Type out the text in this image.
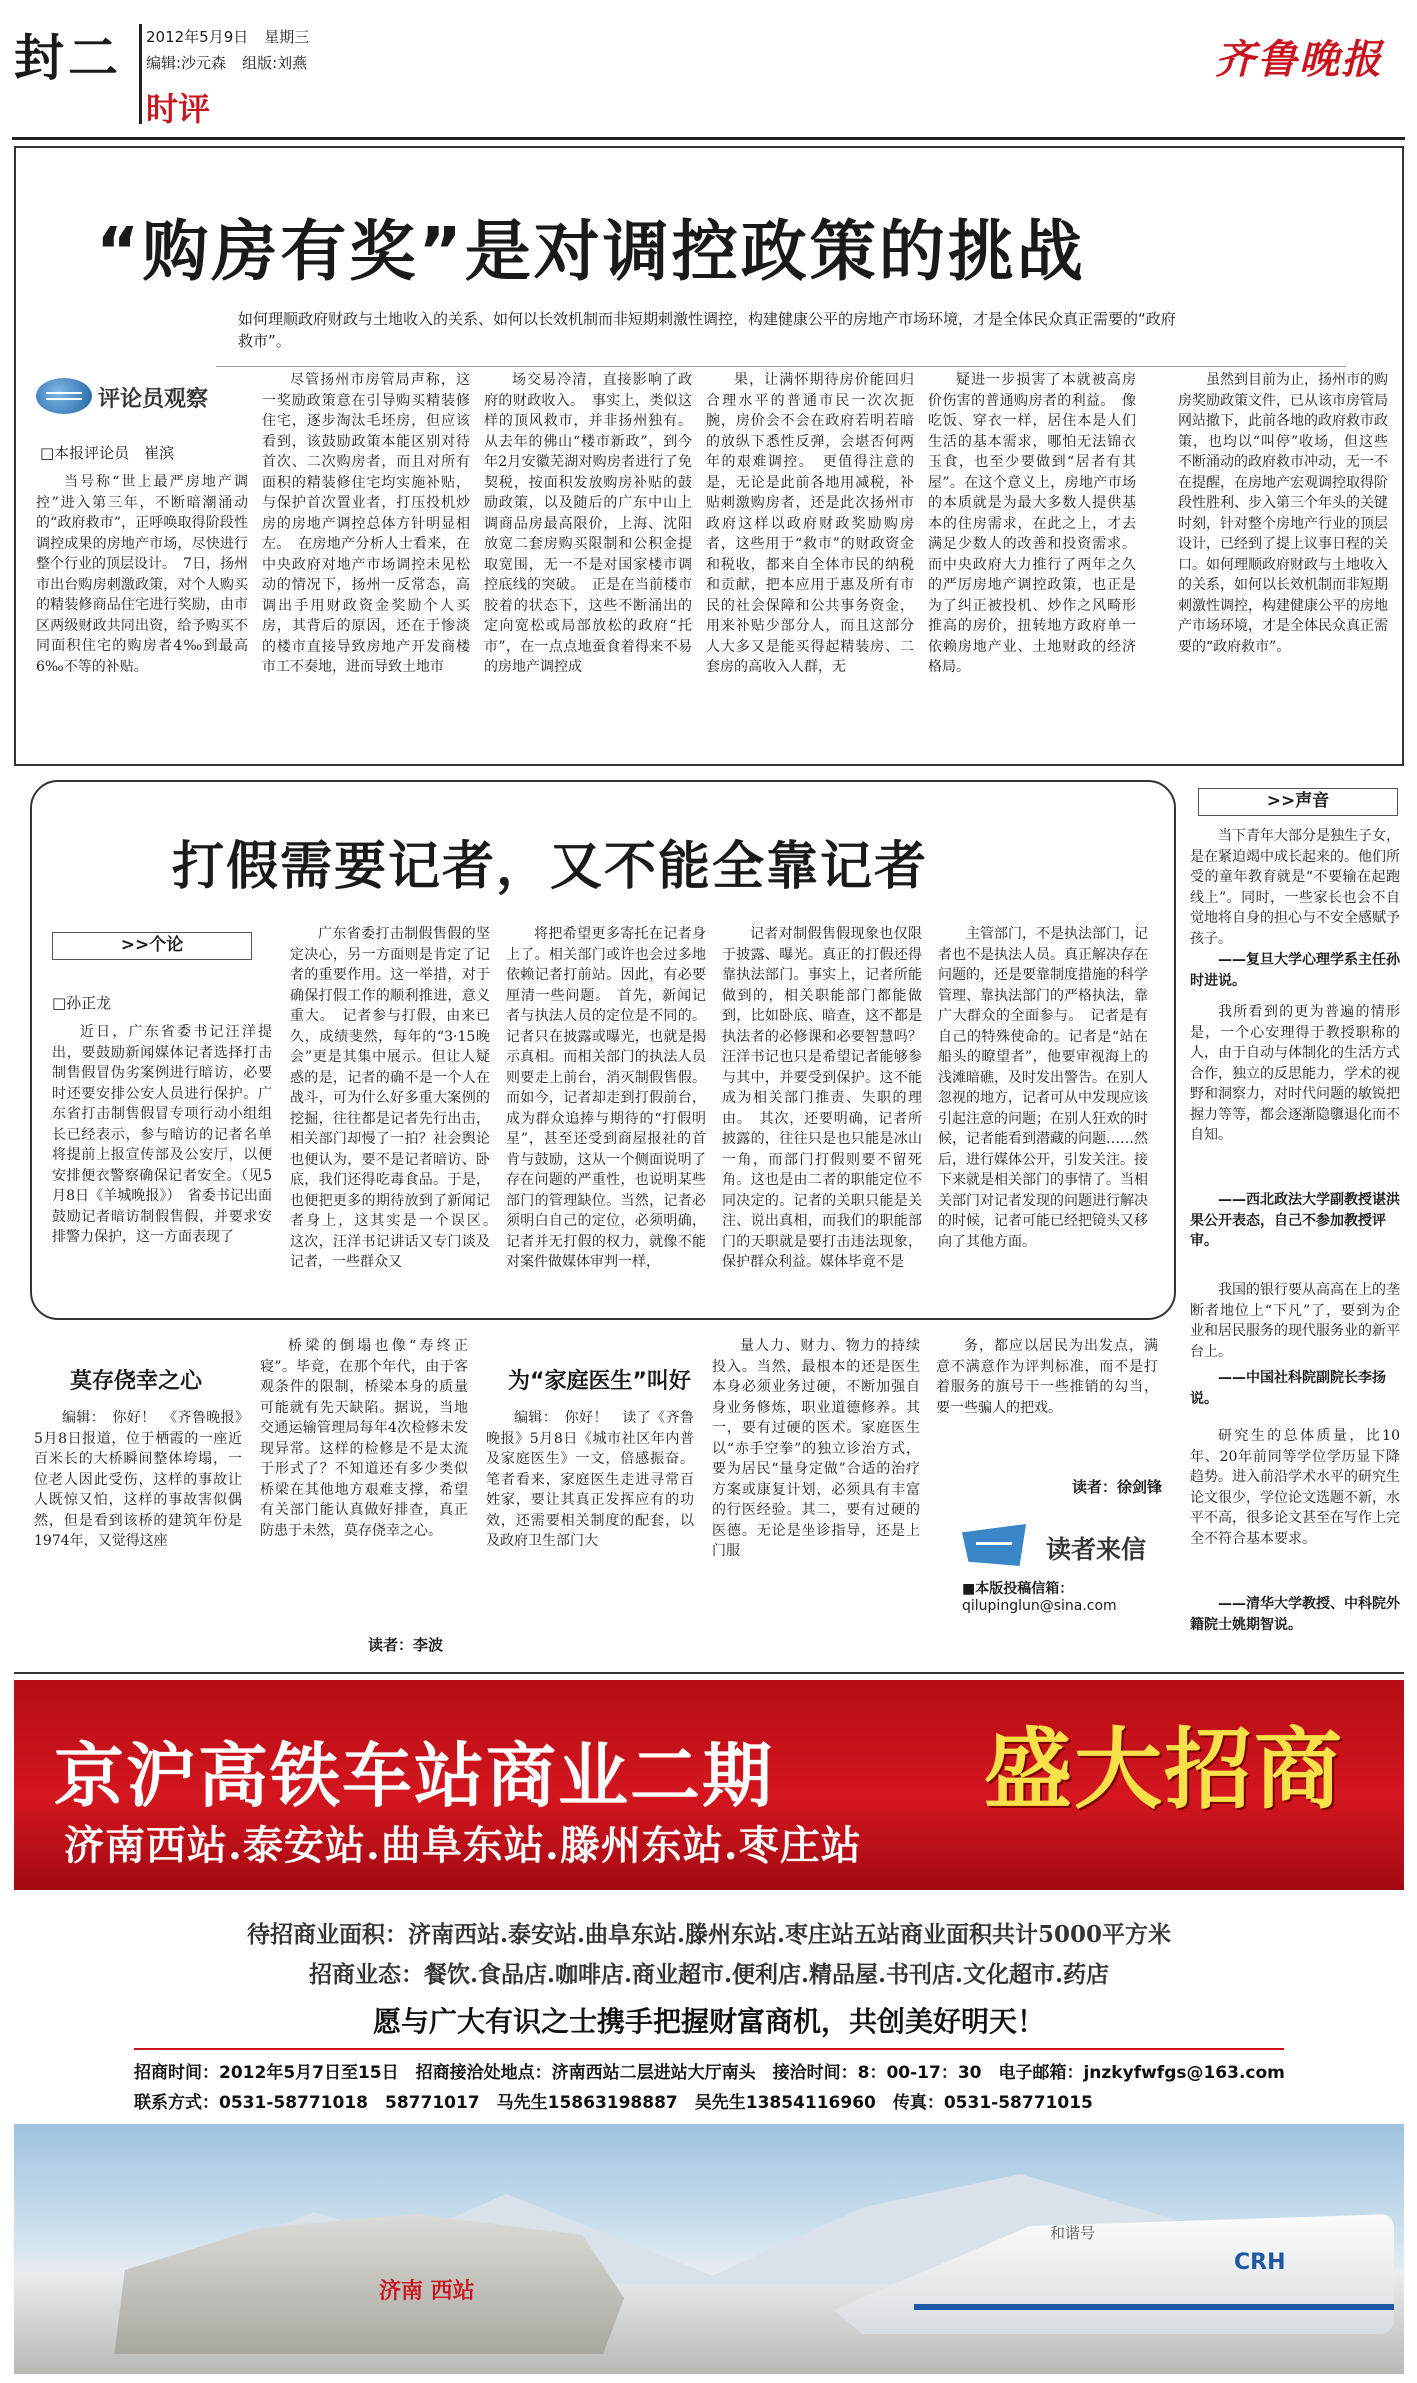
封二 2012年5月9日 星期三
编辑:沙元森 组版:刘燕
时评
齐鲁晚报
“购房有奖”是对调控政策的挑战
如何理顺政府财政与土地收入的关系、如何以长效机制而非短期刺激性调控，构建健康公平的房地产市场环境，才是全体民众真正需要的“政府救市”。
评论员观察
□本报评论员　崔滨
当号称“世上最严房地产调控”进入第三年，不断暗潮涌动的“政府救市”，正呼唤取得阶段性调控成果的房地产市场，尽快进行整个行业的顶层设计。　7日，扬州市出台购房刺激政策，对个人购买的精装修商品住宅进行奖励，由市区两级财政共同出资，给予购买不同面积住宅的购房者4‰到最高6‰不等的补贴。
尽管扬州市房管局声称，这一奖励政策意在引导购买精装修住宅，逐步淘汰毛坯房，但应该看到，该鼓励政策本能区别对待首次、二次购房者，而且对所有面积的精装修住宅均实施补贴，与保护首次置业者，打压投机炒房的房地产调控总体方针明显相左。　在房地产分析人士看来，在中央政府对地产市场调控未见松动的情况下，扬州一反常态，高调出手用财政资金奖励个人买房，其背后的原因，还在于惨淡的楼市直接导致房地产开发商楼市工不奏地，进而导致土地市
场交易冷清，直接影响了政府的财政收入。　事实上，类似这样的顶风救市，并非扬州独有。从去年的佛山“楼市新政”，到今年2月安徽芜湖对购房者进行了免契税，按面积发放购房补贴的鼓励政策，以及随后的广东中山上调商品房最高限价，上海、沈阳放宽二套房购买限制和公积金提取宽围，无一不是对国家楼市调控底线的突破。　正是在当前楼市胶着的状态下，这些不断涌出的定向宽松或局部放松的政府“托市”，在一点点地蚕食着得来不易的房地产调控成
果，让满怀期待房价能回归合理水平的普通市民一次次扼腕，房价会不会在政府若明若暗的放纵下悉性反弹，会堪否何两年的艰难调控。　更值得注意的是，无论是此前各地用减税，补贴刺激购房者，还是此次扬州市政府这样以政府财政奖励购房者，这些用于“救市”的财政资金和税收，都来自全体市民的纳税和贡献，把本应用于惠及所有市民的社会保障和公共事务资金，用来补贴少部分人，而且这部分人大多又是能买得起精装房、二套房的高收入人群，无
疑进一步损害了本就被高房价伤害的普通购房者的利益。　像吃饭、穿衣一样，居住本是人们生活的基本需求，哪怕无法锦衣玉食，也至少要做到“居者有其屋”。在这个意义上，房地产市场的本质就是为最大多数人提供基本的住房需求，在此之上，才去满足少数人的改善和投资需求。而中央政府大力推行了两年之久的严厉房地产调控政策，也正是为了纠正被投机、炒作之风畸形推高的房价，扭转地方政府单一依赖房地产业、土地财政的经济格局。
虽然到目前为止，扬州市的购房奖励政策文件，已从该市房管局网站撤下，此前各地的政府救市政策，也均以“叫停”收场，但这些不断涌动的政府救市冲动，无一不在提醒，在房地产宏观调控取得阶段性胜利、步入第三个年头的关键时刻，针对整个房地产行业的顶层设计，已经到了提上议事日程的关口。如何理顺政府财政与土地收入的关系，如何以长效机制而非短期刺激性调控，构建健康公平的房地产市场环境，才是全体民众真正需要的“政府救市”。
打假需要记者，又不能全靠记者
>>个论
□孙正龙
近日，广东省委书记汪洋提出，要鼓励新闻媒体记者选择打击制售假冒伪劣案例进行暗访，必要时还要安排公安人员进行保护。广东省打击制售假冒专项行动小组组长已经表示，参与暗访的记者名单将提前上报宣传部及公安厅，以便安排便衣警察确保记者安全。（见5月8日《羊城晚报》）　省委书记出面鼓励记者暗访制假售假，并要求安排警力保护，这一方面表现了
广东省委打击制假售假的坚定决心，另一方面则是肯定了记者的重要作用。这一举措，对于确保打假工作的顺利推进，意义重大。　记者参与打假，由来已久，成绩斐然，每年的“3·15晚会”更是其集中展示。但让人疑惑的是，记者的确不是一个人在战斗，可为什么好多重大案例的挖掘，往往都是记者先行出击，相关部门却慢了一拍？社会舆论也便认为，要不是记者暗访、卧底，我们还得吃毒食品。于是，也便把更多的期待放到了新闻记者身上，这其实是一个误区。　这次，汪洋书记讲话又专门谈及记者，一些群众又
将把希望更多寄托在记者身上了。相关部门或许也会过多地依赖记者打前站。因此，有必要厘清一些问题。　首先，新闻记者与执法人员的定位是不同的。记者只在披露或曝光，也就是揭示真相。而相关部门的执法人员则要走上前台，消灭制假售假。而如今，记者却走到打假前台，成为群众追捧与期待的“打假明星”，甚至还受到商屋报社的首肯与鼓励，这从一个侧面说明了存在问题的严重性，也说明某些部门的管理缺位。当然，记者必须明白自己的定位，必须明确，记者并无打假的权力，就像不能对案件做媒体审判一样，
记者对制假售假现象也仅限于披露、曝光。真正的打假还得靠执法部门。事实上，记者所能做到的，相关职能部门都能做到，比如卧底、暗查，这不都是执法者的必修课和必要智慧吗？汪洋书记也只是希望记者能够参与其中，并要受到保护。这不能成为相关部门推责、失职的理由。　其次，还要明确，记者所披露的，往往只是也只能是冰山一角，而部门打假则要不留死角。这也是由二者的职能定位不同决定的。记者的关职只能是关注、说出真相，而我们的职能部门的天职就是要打击违法现象，保护群众利益。媒体毕竟不是
主管部门，不是执法部门，记者也不是执法人员。真正解决存在问题的，还是要靠制度措施的科学管理、靠执法部门的严格执法，靠广大群众的全面参与。　记者是有自己的特殊使命的。记者是“站在船头的瞭望者”，他要审视海上的浅滩暗礁，及时发出警告。在别人忽视的地方，记者可从中发现应该引起注意的问题；在别人狂欢的时候，记者能看到潜藏的问题……然后，进行媒体公开，引发关注。接下来就是相关部门的事情了。当相关部门对记者发现的问题进行解决的时候，记者可能已经把镜头又移向了其他方面。
>>声音
当下青年大部分是独生子女，是在紧迫竭中成长起来的。他们所受的童年教育就是“不要输在起跑线上”。同时，一些家长也会不自觉地将自身的担心与不安全感赋予孩子。
——复旦大学心理学系主任孙时进说。
我所看到的更为普遍的情形是，一个心安理得于教授职称的人，由于自动与体制化的生活方式合作，独立的反思能力，学术的视野和洞察力，对时代问题的敏锐把握力等等，都会逐渐隐隳退化而不自知。
——西北政法大学副教授谌洪果公开表态，自己不参加教授评审。
我国的银行要从高高在上的垄断者地位上“下凡”了，要到为企业和居民服务的现代服务业的新平台上。
——中国社科院副院长李扬说。
研究生的总体质量，比10年、20年前同等学位学历显下降趋势。进入前沿学术水平的研究生论文很少，学位论文选题不新，水平不高，很多论文甚至在写作上完全不符合基本要求。
——清华大学教授、中科院外籍院士姚期智说。
莫存侥幸之心
编辑：　你好！　《齐鲁晚报》5月8日报道，位于栖霞的一座近百米长的大桥瞬间整体垮塌，一位老人因此受伤，这样的事故让人既惊又怕，这样的事故害似偶然，但是看到该桥的建筑年份是1974年，又觉得这座
桥梁的倒塌也像“寿终正寝”。毕竟，在那个年代，由于客观条件的限制，桥梁本身的质量可能就有先天缺陷。据说，当地交通运输管理局每年4次检修未发现异常。这样的检修是不是太流于形式了？不知道还有多少类似桥梁在其他地方艰难支撑，希望有关部门能认真做好排查，真正防患于未然，莫存侥幸之心。
读者：李波
为“家庭医生”叫好
编辑：　你好！　读了《齐鲁晚报》5月8日《城市社区年内普及家庭医生》一文，倍感振奋。笔者看来，家庭医生走进寻常百姓家，要让其真正发挥应有的功效，还需要相关制度的配套，以及政府卫生部门大
量人力、财力、物力的持续投入。当然，最根本的还是医生本身必须业务过硬，不断加强自身业务修炼，职业道德修养。其一，要有过硬的医术。家庭医生以“赤手空拳”的独立诊治方式，要为居民“量身定做”合适的治疗方案或康复计划，必须具有丰富的行医经验。其二，要有过硬的医德。无论是坐诊指导，还是上门服
务，都应以居民为出发点，满意不满意作为评判标准，而不是打着服务的旗号干一些推销的勾当，要一些骗人的把戏。
读者：徐剑锋
读者来信
■本版投稿信箱：
qilupinglun@sina.com
京沪高铁车站商业二期
济南西站.泰安站.曲阜东站.滕州东站.枣庄站
盛大招商
待招商业面积：济南西站.泰安站.曲阜东站.滕州东站.枣庄站五站商业面积共计5000平方米
招商业态：餐饮.食品店.咖啡店.商业超市.便利店.精品屋.书刊店.文化超市.药店
愿与广大有识之士携手把握财富商机，共创美好明天！
招商时间：2012年5月7日至15日　招商接洽处地点：济南西站二层进站大厅南头　接洽时间：8：00-17：30　电子邮箱：jnzkyfwfgs@163.com
联系方式：0531-58771018　58771017　马先生15863198887　吴先生13854116960　传真：0531-58771015
济南 西站
和谐号
CRH
